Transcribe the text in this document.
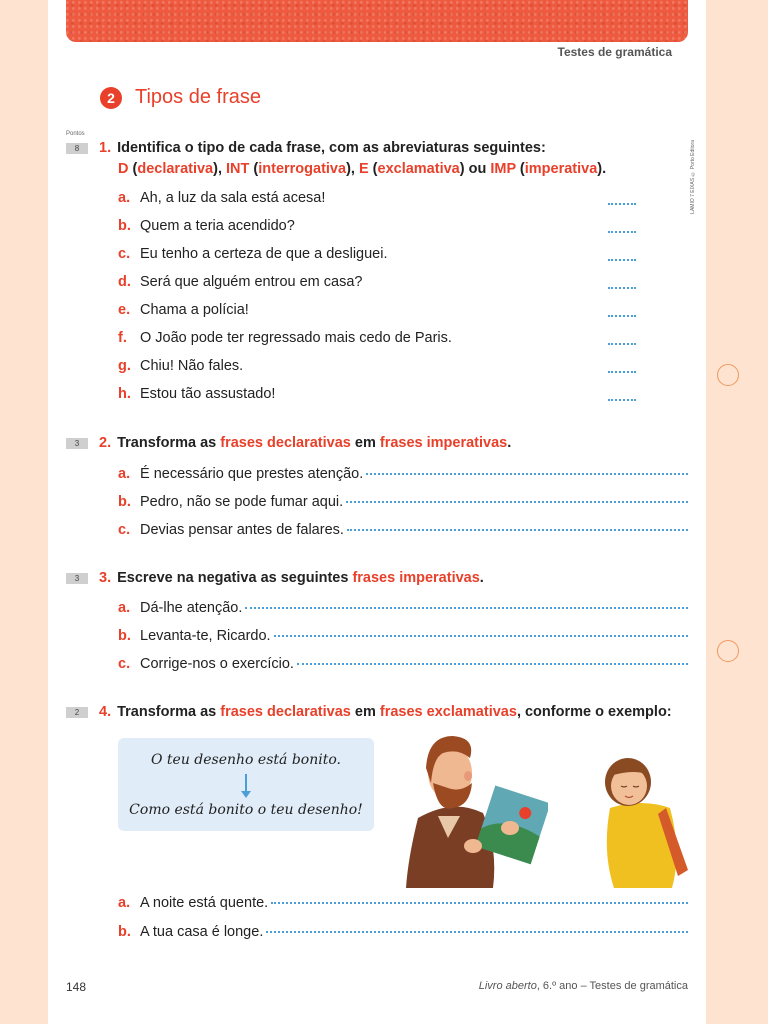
Testes de gramática
2	Tipos de frase
LAMIO 7 EIXAS © Porto Editora
Pontos
8	1. Identifica o tipo de cada frase, com as abreviaturas seguintes:
D (declarativa), INT (interrogativa), E (exclamativa) ou IMP (imperativa).
a. Ah, a luz da sala está acesa!
b. Quem a teria acendido?
c. Eu tenho a certeza de que a desliguei.
d. Será que alguém entrou em casa?
e. Chama a polícia!
f. O João pode ter regressado mais cedo de Paris.
g. Chiu! Não fales.
h. Estou tão assustado!
3	2. Transforma as frases declarativas em frases imperativas.
a. É necessário que prestes atenção.
b. Pedro, não se pode fumar aqui.
c. Devias pensar antes de falares.
3	3. Escreve na negativa as seguintes frases imperativas.
a. Dá-lhe atenção.
b. Levanta-te, Ricardo.
c. Corrige-nos o exercício.
2	4. Transforma as frases declarativas em frases exclamativas, conforme o exemplo:
O teu desenho está bonito.
Como está bonito o teu desenho!
a. A noite está quente.
b. A tua casa é longe.
148	Livro aberto, 6.º ano – Testes de gramática
